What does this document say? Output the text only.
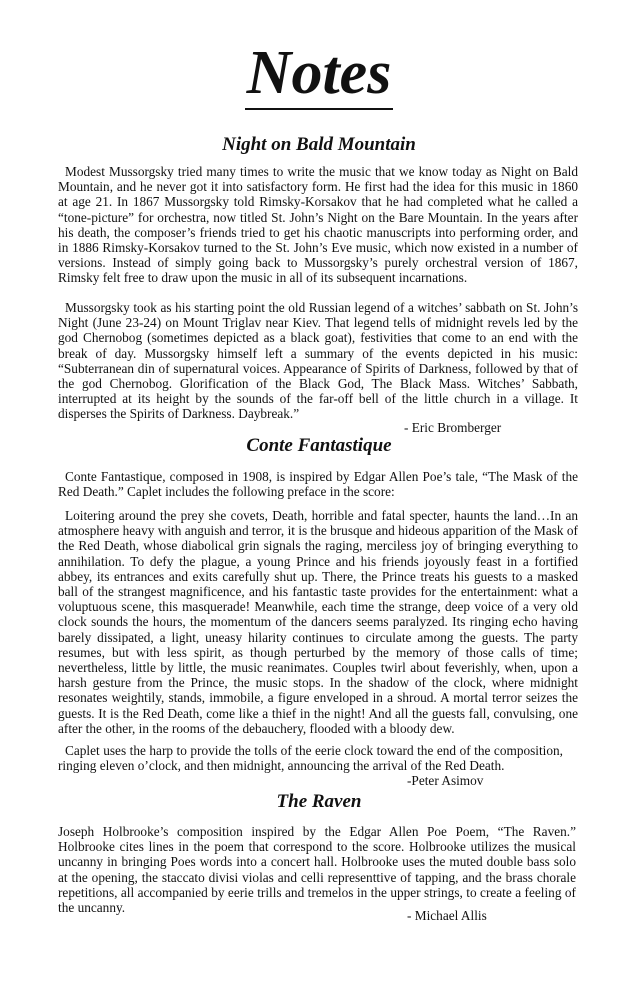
Notes
Night on Bald Mountain

Modest Mussorgsky tried many times to write the music that we know today as Night on Bald Mountain, and he never got it into satisfactory form. He first had the idea for this music in 1860 at age 21. In 1867 Mussorgsky told Rimsky-Korsakov that he had completed what he called a “tone-picture” for orchestra, now titled St. John’s Night on the Bare Mountain. In the years after his death, the composer’s friends tried to get his chaotic manuscripts into performing order, and in 1886 Rimsky-Korsakov turned to the St. John’s Eve music, which now existed in a number of versions. Instead of simply going back to Mussorgsky’s purely orchestral version of 1867, Rimsky felt free to draw upon the music in all of its subsequent incarnations.

Mussorgsky took as his starting point the old Russian legend of a witches’ sabbath on St. John’s Night (June 23-24) on Mount Triglav near Kiev. That legend tells of midnight revels led by the god Chernobog (sometimes depicted as a black goat), festivities that come to an end with the break of day. Mussorgsky himself left a summary of the events depicted in his music: “Subterranean din of supernatural voices. Appearance of Spirits of Darkness, followed by that of the god Chernobog. Glorification of the Black God, The Black Mass. Witches’ Sabbath, interrupted at its height by the sounds of the far-off bell of the little church in a village. It disperses the Spirits of Darkness. Daybreak.”

- Eric Bromberger
Conte Fantastique

Conte Fantastique, composed in 1908, is inspired by Edgar Allen Poe’s tale, “The Mask of the Red Death.” Caplet includes the following preface in the score:

Loitering around the prey she covets, Death, horrible and fatal specter, haunts the land…In an atmosphere heavy with anguish and terror, it is the brusque and hideous apparition of the Mask of the Red Death, whose diabolical grin signals the raging, merciless joy of bringing everything to annihilation. To defy the plague, a young Prince and his friends joyously feast in a fortified abbey, its entrances and exits carefully shut up. There, the Prince treats his guests to a masked ball of the strangest magnificence, and his fantastic taste provides for the entertainment: what a voluptuous scene, this masquerade! Meanwhile, each time the strange, deep voice of a very old clock sounds the hours, the momentum of the dancers seems paralyzed. Its ringing echo having barely dissipated, a light, uneasy hilarity continues to circulate among the guests. The party resumes, but with less spirit, as though perturbed by the memory of those calls of time; nevertheless, little by little, the music reanimates. Couples twirl about feverishly, when, upon a harsh gesture from the Prince, the music stops. In the shadow of the clock, where midnight resonates weightily, stands, immobile, a figure enveloped in a shroud. A mortal terror seizes the guests. It is the Red Death, come like a thief in the night! And all the guests fall, convulsing, one after the other, in the rooms of the debauchery, flooded with a bloody dew.

Caplet uses the harp to provide the tolls of the eerie clock toward the end of the composition, ringing eleven o’clock, and then midnight, announcing the arrival of the Red Death.

-Peter Asimov
The Raven

Joseph Holbrooke’s composition inspired by the Edgar Allen Poe Poem, “The Raven.” Holbrooke cites lines in the poem that correspond to the score. Holbrooke utilizes the musical uncanny in bringing Poes words into a concert hall. Holbrooke uses the muted double bass solo at the opening, the staccato divisi violas and celli representtive of tapping, and the brass chorale repetitions, all accompanied by eerie trills and tremelos in the upper strings, to create a feeling of the uncanny.

- Michael Allis
